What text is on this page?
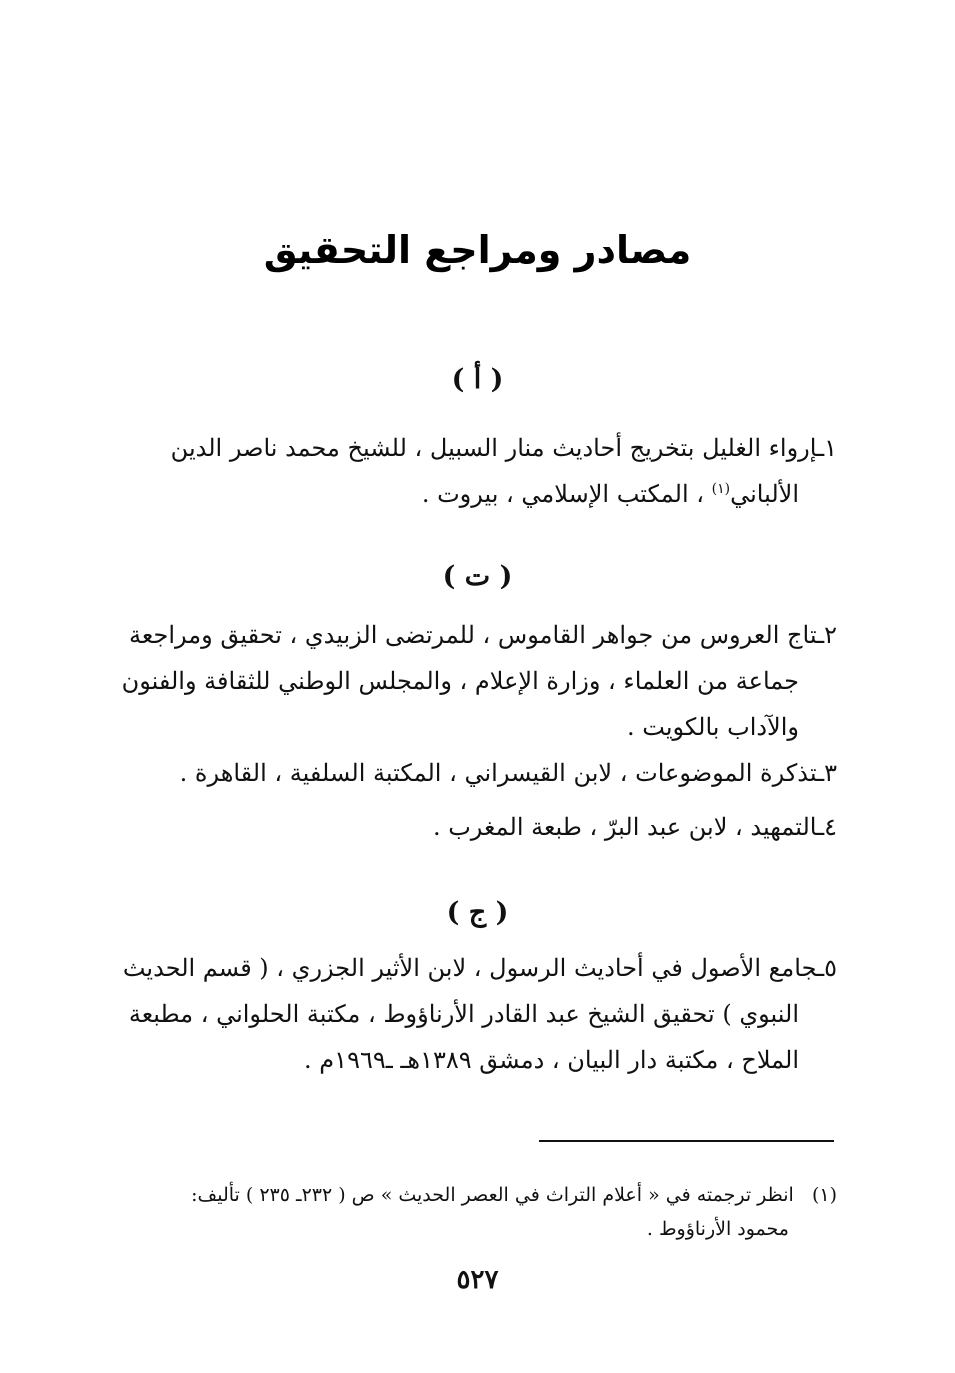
مصادر ومراجع التحقيق
( أ )
١ـإرواء الغليل بتخريج أحاديث منار السبيل ، للشيخ محمد ناصر الدين
الألباني$^{(١)}$ ، المكتب الإسلامي ، بيروت .
( ت )
٢ـتاج العروس من جواهر القاموس ، للمرتضى الزبيدي ، تحقيق ومراجعة
جماعة من العلماء ، وزارة الإعلام ، والمجلس الوطني للثقافة والفنون
والآداب بالكويت .
٣ـتذكرة الموضوعات ، لابن القيسراني ، المكتبة السلفية ، القاهرة .
٤ـالتمهيد ، لابن عبد البرّ ، طبعة المغرب .
( ج )
٥ـجامع الأصول في أحاديث الرسول ، لابن الأثير الجزري ، ( قسم الحديث
النبوي ) تحقيق الشيخ عبد القادر الأرناؤوط ، مكتبة الحلواني ، مطبعة
الملاح ، مكتبة دار البيان ، دمشق ١٣٨٩هـ ـ١٩٦٩م .
(١)   انظر ترجمته في « أعلام التراث في العصر الحديث » ص ( ٢٣٢ـ ٢٣٥ ) تأليف:
محمود الأرناؤوط .
٥٢٧
